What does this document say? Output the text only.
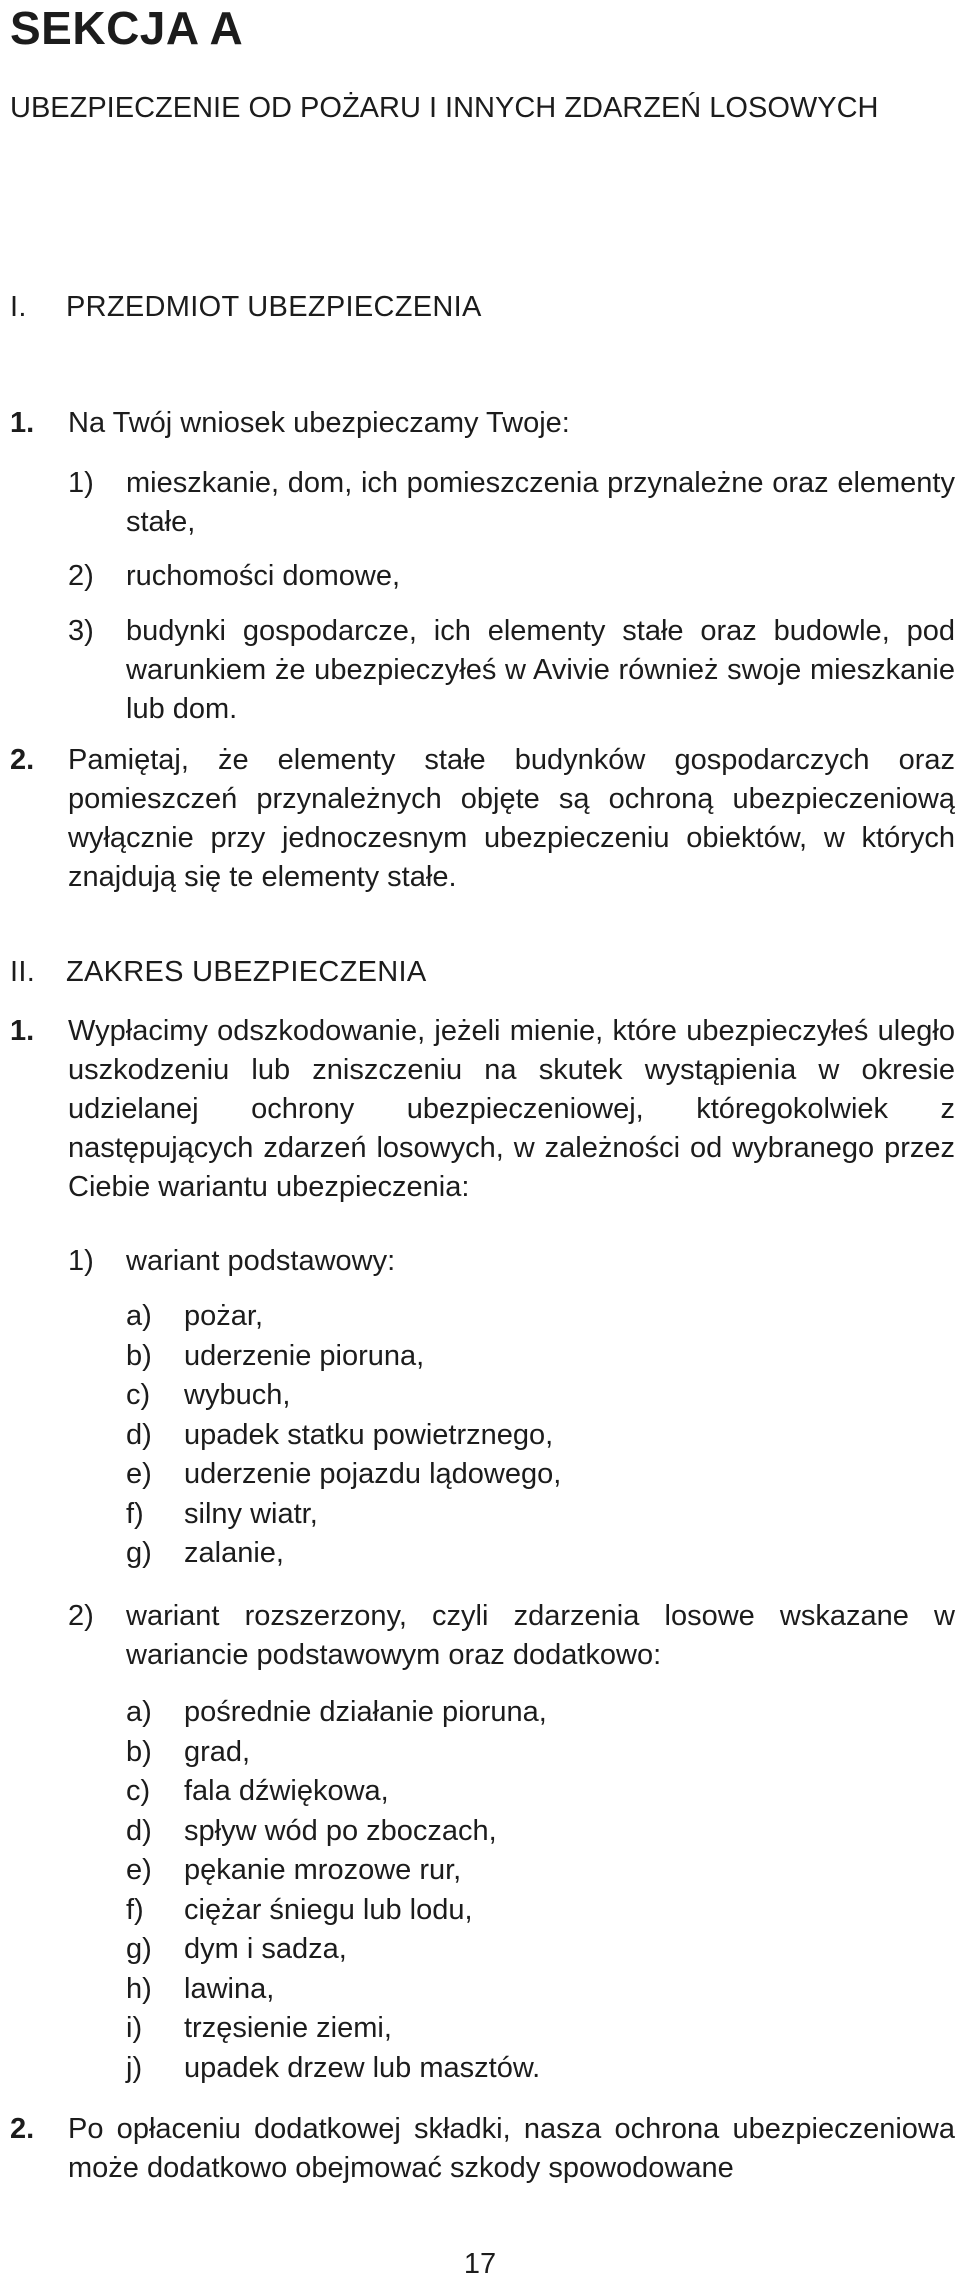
SEKCJA A
UBEZPIECZENIE OD POŻARU I INNYCH ZDARZEŃ LOSOWYCH
I. PRZEDMIOT UBEZPIECZENIA
1. Na Twój wniosek ubezpieczamy Twoje:
1) mieszkanie, dom, ich pomieszczenia przynależne oraz elementy stałe,
2) ruchomości domowe,
3) budynki gospodarcze, ich elementy stałe oraz budowle, pod warunkiem że ubezpieczyłeś w Avivie również swoje mieszkanie lub dom.
2. Pamiętaj, że elementy stałe budynków gospodarczych oraz pomieszczeń przynależnych objęte są ochroną ubezpieczeniową wyłącznie przy jednoczesnym ubezpieczeniu obiektów, w których znajdują się te elementy stałe.
II. ZAKRES UBEZPIECZENIA
1. Wypłacimy odszkodowanie, jeżeli mienie, które ubezpieczyłeś uległo uszkodzeniu lub zniszczeniu na skutek wystąpienia w okresie udzielanej ochrony ubezpieczeniowej, któregokolwiek z następujących zdarzeń losowych, w zależności od wybranego przez Ciebie wariantu ubezpieczenia:
1) wariant podstawowy:
a) pożar,
b) uderzenie pioruna,
c) wybuch,
d) upadek statku powietrznego,
e) uderzenie pojazdu lądowego,
f) silny wiatr,
g) zalanie,
2) wariant rozszerzony, czyli zdarzenia losowe wskazane w wariancie podstawowym oraz dodatkowo:
a) pośrednie działanie pioruna,
b) grad,
c) fala dźwiękowa,
d) spływ wód po zboczach,
e) pękanie mrozowe rur,
f) ciężar śniegu lub lodu,
g) dym i sadza,
h) lawina,
i) trzęsienie ziemi,
j) upadek drzew lub masztów.
2. Po opłaceniu dodatkowej składki, nasza ochrona ubezpieczeniowa może dodatkowo obejmować szkody spowodowane
17
